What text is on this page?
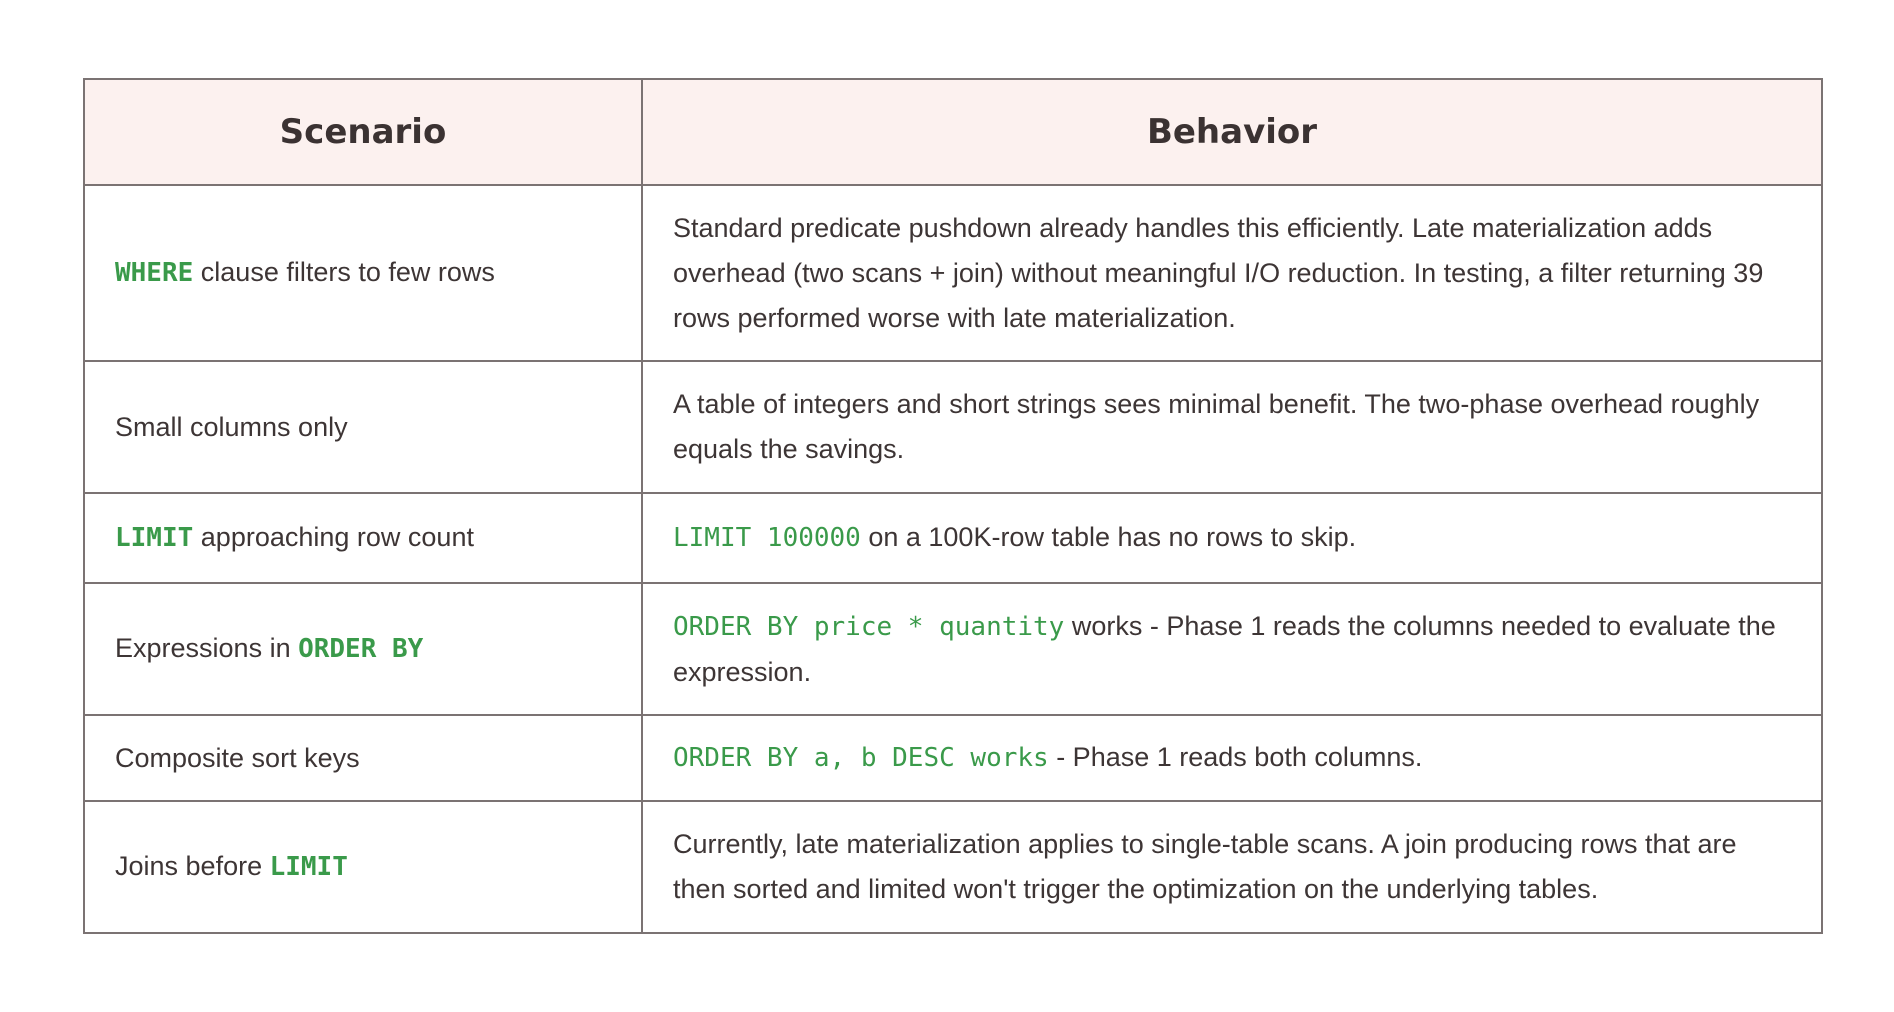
Scenario	Behavior
WHERE clause filters to few rows	Standard predicate pushdown already handles this efficiently. Late materialization adds overhead (two scans + join) without meaningful I/O reduction. In testing, a filter returning 39 rows performed worse with late materialization.

Small columns only	A table of integers and short strings sees minimal benefit. The two-phase overhead roughly equals the savings.

LIMIT approaching row count	LIMIT 100000 on a 100K-row table has no rows to skip.
Expressions in ORDER BY	ORDER BY price * quantity works - Phase 1 reads the columns needed to evaluate the expression.
Composite sort keys	ORDER BY a, b DESC works - Phase 1 reads both columns.
Joins before LIMIT	Currently, late materialization applies to single-table scans. A join producing rows that are then sorted and limited won't trigger the optimization on the underlying tables.
